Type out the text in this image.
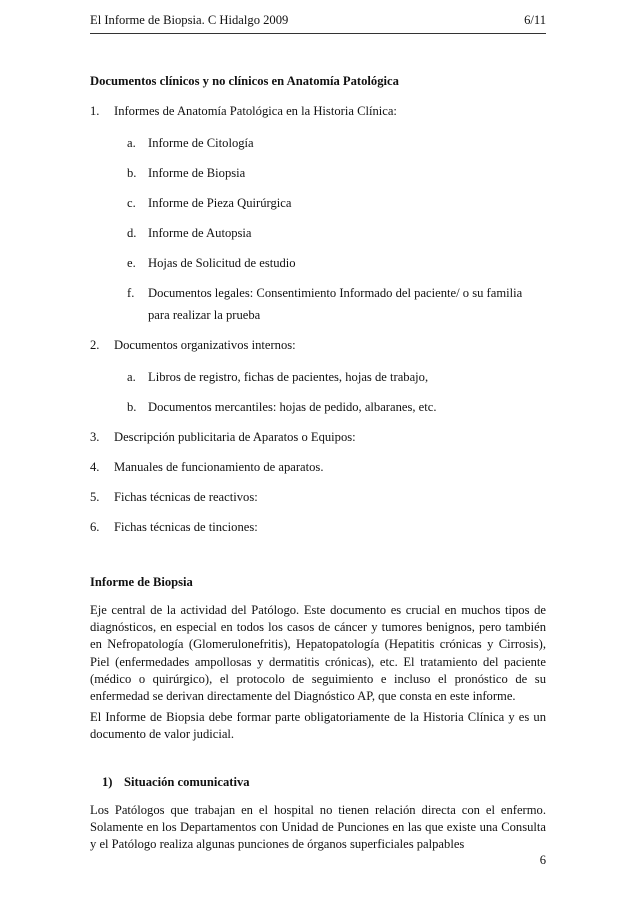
El Informe de Biopsia. C Hidalgo 2009	6/11

Documentos clínicos y no clínicos en Anatomía Patológica

1. Informes de Anatomía Patológica en la Historia Clínica:

a. Informe de Citología

b. Informe de Biopsia

c. Informe de Pieza Quirúrgica

d. Informe de Autopsia

e. Hojas de Solicitud de estudio

f. Documentos legales: Consentimiento Informado del paciente/ o su familia para realizar la prueba

2. Documentos organizativos internos:

a. Libros de registro, fichas de pacientes, hojas de trabajo,

b. Documentos mercantiles: hojas de pedido, albaranes, etc.

3. Descripción publicitaria de Aparatos o Equipos:

4. Manuales de funcionamiento de aparatos.

5. Fichas técnicas de reactivos:

6. Fichas técnicas de tinciones:

Informe de Biopsia

Eje central de la actividad del Patólogo. Este documento es crucial en muchos tipos de diagnósticos, en especial en todos los casos de cáncer y tumores benignos, pero también en Nefropatología (Glomerulonefritis), Hepatopatología (Hepatitis crónicas y Cirrosis), Piel (enfermedades ampollosas y dermatitis crónicas), etc. El tratamiento del paciente (médico o quirúrgico), el protocolo de seguimiento e incluso el pronóstico de su enfermedad se derivan directamente del Diagnóstico AP, que consta en este informe.

El Informe de Biopsia debe formar parte obligatoriamente de la Historia Clínica y es un documento de valor judicial.

1) Situación comunicativa

Los Patólogos que trabajan en el hospital no tienen relación directa con el enfermo. Solamente en los Departamentos con Unidad de Punciones en las que existe una Consulta y el Patólogo realiza algunas punciones de órganos superficiales palpables

6
